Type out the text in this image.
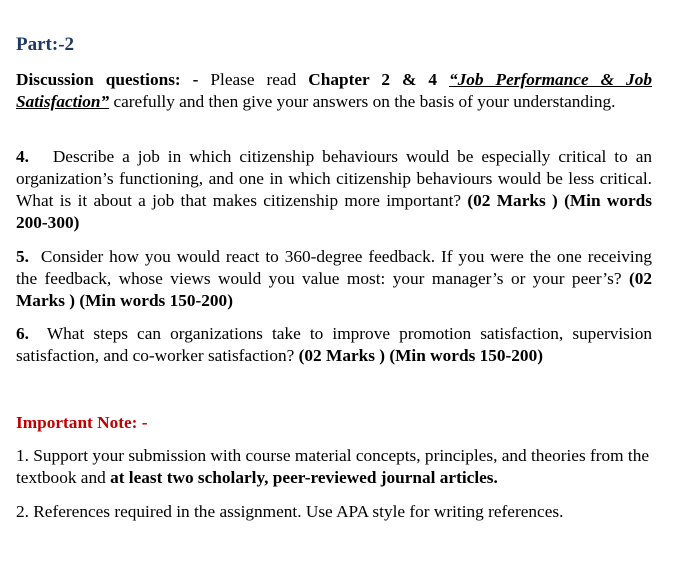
Part:-2

Discussion questions: - Please read Chapter 2 & 4 “Job Performance & Job Satisfaction” carefully and then give your answers on the basis of your understanding.

4. Describe a job in which citizenship behaviours would be especially critical to an organization’s functioning, and one in which citizenship behaviours would be less critical. What is it about a job that makes citizenship more important? (02 Marks ) (Min words 200-300)

5. Consider how you would react to 360-degree feedback. If you were the one receiving the feedback, whose views would you value most: your manager’s or your peer’s? (02 Marks ) (Min words 150-200)

6. What steps can organizations take to improve promotion satisfaction, supervision satisfaction, and co-worker satisfaction? (02 Marks ) (Min words 150-200)

Important Note: -

1. Support your submission with course material concepts, principles, and theories from the textbook and at least two scholarly, peer-reviewed journal articles.

2. References required in the assignment. Use APA style for writing references.
